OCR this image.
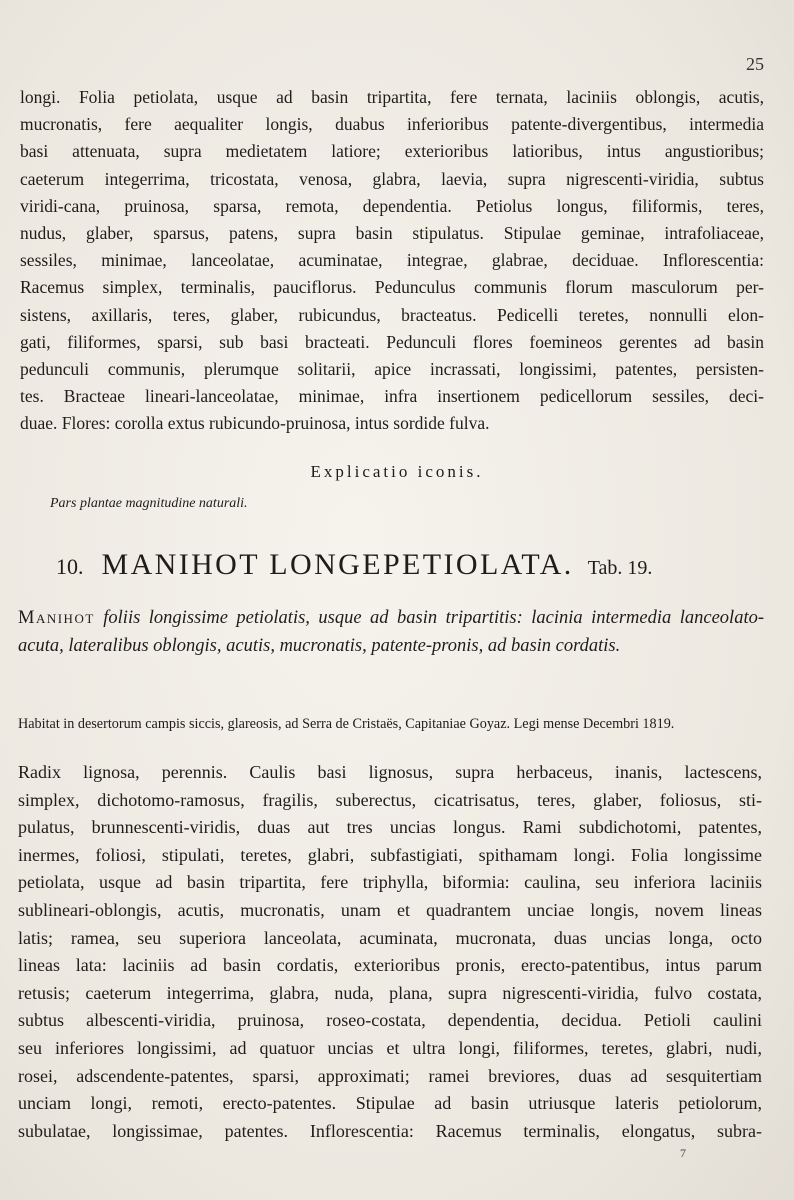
25
longi. Folia petiolata, usque ad basin tripartita, fere ternata, laciniis oblongis, acutis,
mucronatis, fere aequaliter longis, duabus inferioribus patente-divergentibus, intermedia
basi attenuata, supra medietatem latiore; exterioribus latioribus, intus angustioribus;
caeterum integerrima, tricostata, venosa, glabra, laevia, supra nigrescenti-viridia, subtus
viridi-cana, pruinosa, sparsa, remota, dependentia. Petiolus longus, filiformis, teres,
nudus, glaber, sparsus, patens, supra basin stipulatus. Stipulae geminae, intrafoliaceae,
sessiles, minimae, lanceolatae, acuminatae, integrae, glabrae, deciduae. Inflorescentia:
Racemus simplex, terminalis, pauciflorus. Pedunculus communis florum masculorum per-
sistens, axillaris, teres, glaber, rubicundus, bracteatus. Pedicelli teretes, nonnulli elon-
gati, filiformes, sparsi, sub basi bracteati. Pedunculi flores foemineos gerentes ad basin
pedunculi communis, plerumque solitarii, apice incrassati, longissimi, patentes, persisten-
tes. Bracteae lineari-lanceolatae, minimae, infra insertionem pedicellorum sessiles, deci-
duae. Flores: corolla extus rubicundo-pruinosa, intus sordide fulva.
Explicatio iconis.
Pars plantae magnitudine naturali.
10. MANIHOT LONGEPETIOLATA. Tab. 19.
Manihot foliis longissime petiolatis, usque ad basin tripartitis: lacinia intermedia lanceolato-acuta, lateralibus oblongis, acutis, mucronatis, patente-pronis, ad basin cordatis.
Habitat in desertorum campis siccis, glareosis, ad Serra de Cristaës, Capitaniae Goyaz. Legi mense Decembri 1819.
Radix lignosa, perennis. Caulis basi lignosus, supra herbaceus, inanis, lactescens,
simplex, dichotomo-ramosus, fragilis, suberectus, cicatrisatus, teres, glaber, foliosus, sti-
pulatus, brunnescenti-viridis, duas aut tres uncias longus. Rami subdichotomi, patentes,
inermes, foliosi, stipulati, teretes, glabri, subfastigiati, spithamam longi. Folia longissime
petiolata, usque ad basin tripartita, fere triphylla, biformia: caulina, seu inferiora laciniis
sublineari-oblongis, acutis, mucronatis, unam et quadrantem unciae longis, novem lineas
latis; ramea, seu superiora lanceolata, acuminata, mucronata, duas uncias longa, octo
lineas lata: laciniis ad basin cordatis, exterioribus pronis, erecto-patentibus, intus parum
retusis; caeterum integerrima, glabra, nuda, plana, supra nigrescenti-viridia, fulvo costata,
subtus albescenti-viridia, pruinosa, roseo-costata, dependentia, decidua. Petioli caulini
seu inferiores longissimi, ad quatuor uncias et ultra longi, filiformes, teretes, glabri, nudi,
rosei, adscendente-patentes, sparsi, approximati; ramei breviores, duas ad sesquitertiam
unciam longi, remoti, erecto-patentes. Stipulae ad basin utriusque lateris petiolorum,
subulatae, longissimae, patentes. Inflorescentia: Racemus terminalis, elongatus, subra-
7
